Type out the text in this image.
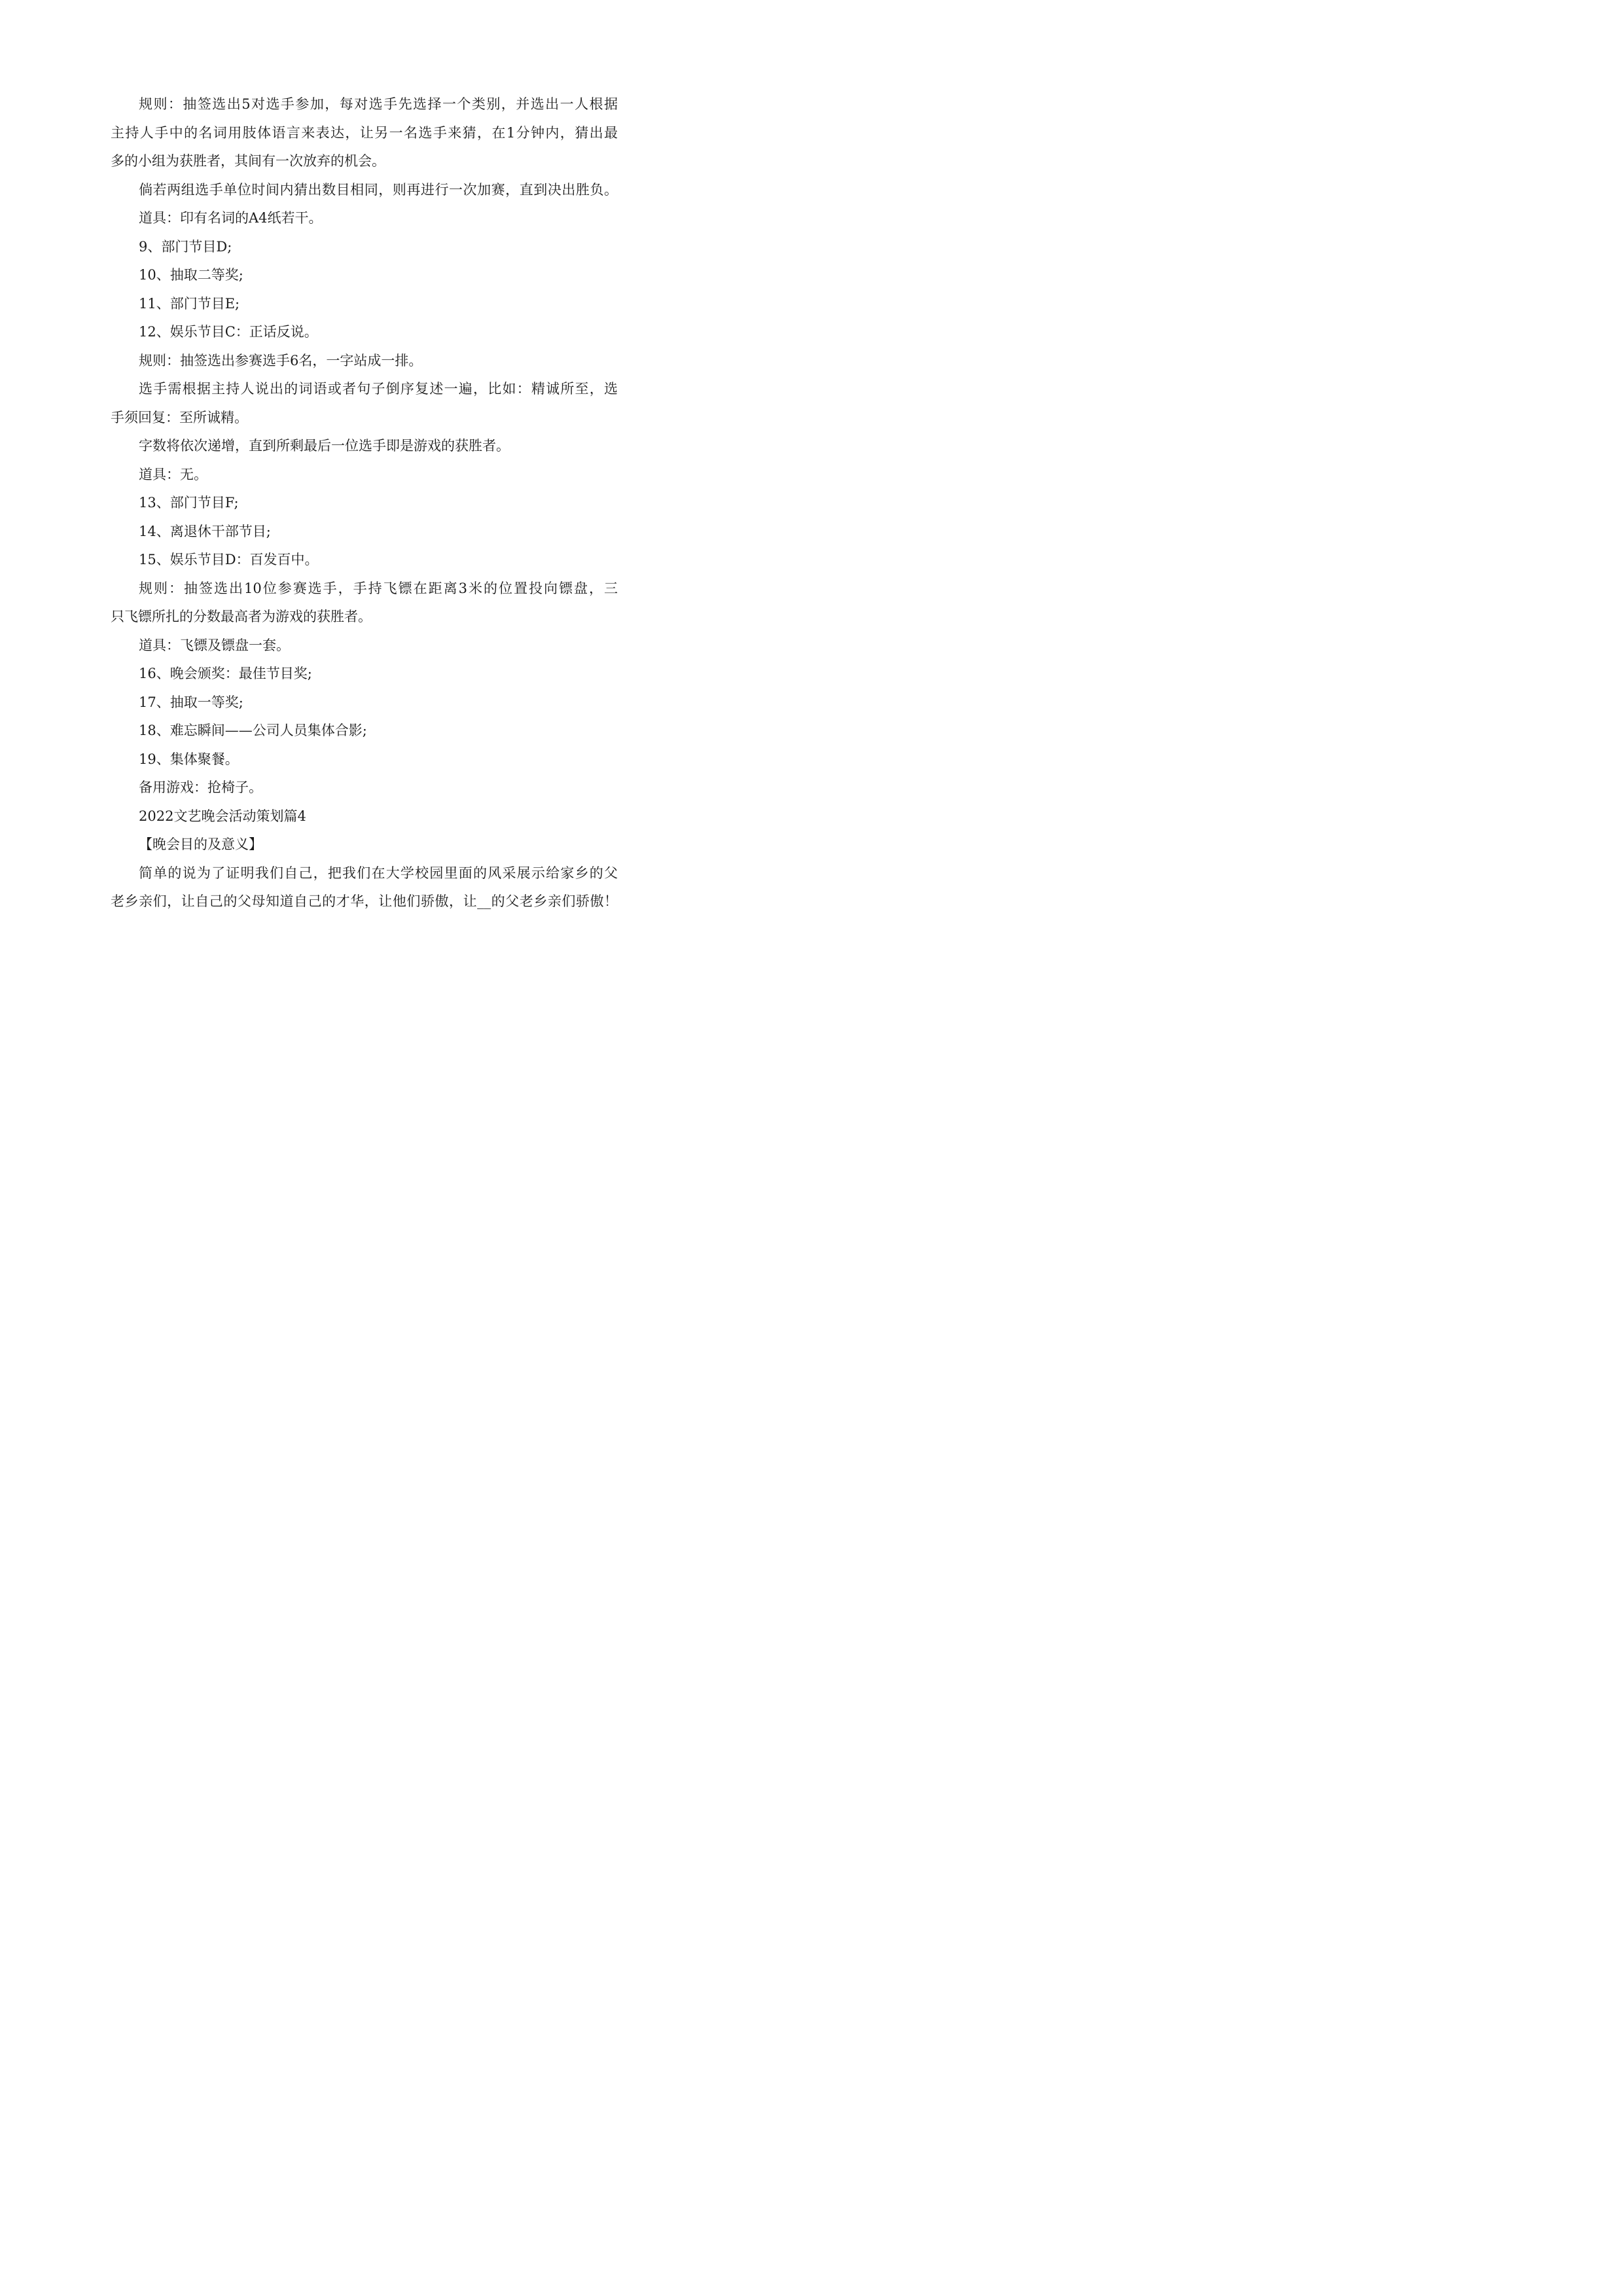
规则：抽签选出5对选手参加，每对选手先选择一个类别，并选出一人根据

主持人手中的名词用肢体语言来表达，让另一名选手来猜，在1分钟内，猜出最

多的小组为获胜者，其间有一次放弃的机会。

倘若两组选手单位时间内猜出数目相同，则再进行一次加赛，直到决出胜负。

道具：印有名词的A4纸若干。

9、部门节目D;

10、抽取二等奖;

11、部门节目E;

12、娱乐节目C：正话反说。

规则：抽签选出参赛选手6名，一字站成一排。

选手需根据主持人说出的词语或者句子倒序复述一遍，比如：精诚所至，选

手须回复：至所诚精。

字数将依次递增，直到所剩最后一位选手即是游戏的获胜者。

道具：无。

13、部门节目F;

14、离退休干部节目;

15、娱乐节目D：百发百中。

规则：抽签选出10位参赛选手，手持飞镖在距离3米的位置投向镖盘，三

只飞镖所扎的分数最高者为游戏的获胜者。

道具：飞镖及镖盘一套。

16、晚会颁奖：最佳节目奖;

17、抽取一等奖;

18、难忘瞬间——公司人员集体合影;

19、集体聚餐。

备用游戏：抢椅子。

2022文艺晚会活动策划篇4

【晚会目的及意义】

简单的说为了证明我们自己，把我们在大学校园里面的风采展示给家乡的父

老乡亲们，让自己的父母知道自己的才华，让他们骄傲，让__的父老乡亲们骄傲！
